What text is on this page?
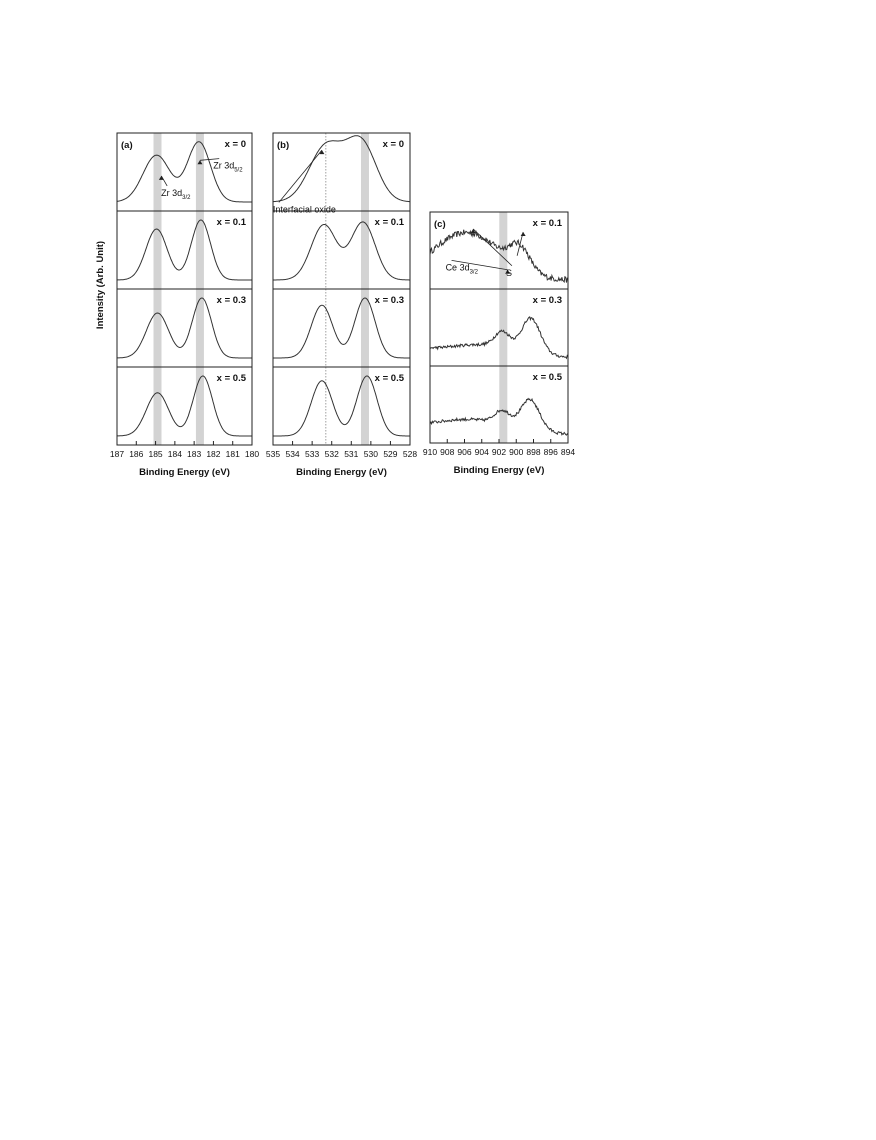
Intensity (Arb. Unit)
x = 0
x = 0.1
x = 0.3
x = 0.5
(a)
187 186 185 184 183 182 181 180
Binding Energy (eV)
Zr $3d_{5/2}$
Zr $3d_{3/2}$
x = 0
x = 0.1
x = 0.3
x = 0.5
(b)
535 534 533 532 531 530 529 528
Binding Energy (eV)
Interfacial oxide
x = 0.1
x = 0.3
x = 0.5
(c)
910 908 906 904 902 900 898 896 894
Binding Energy (eV)
Ce $3d_{3/2}$	S
